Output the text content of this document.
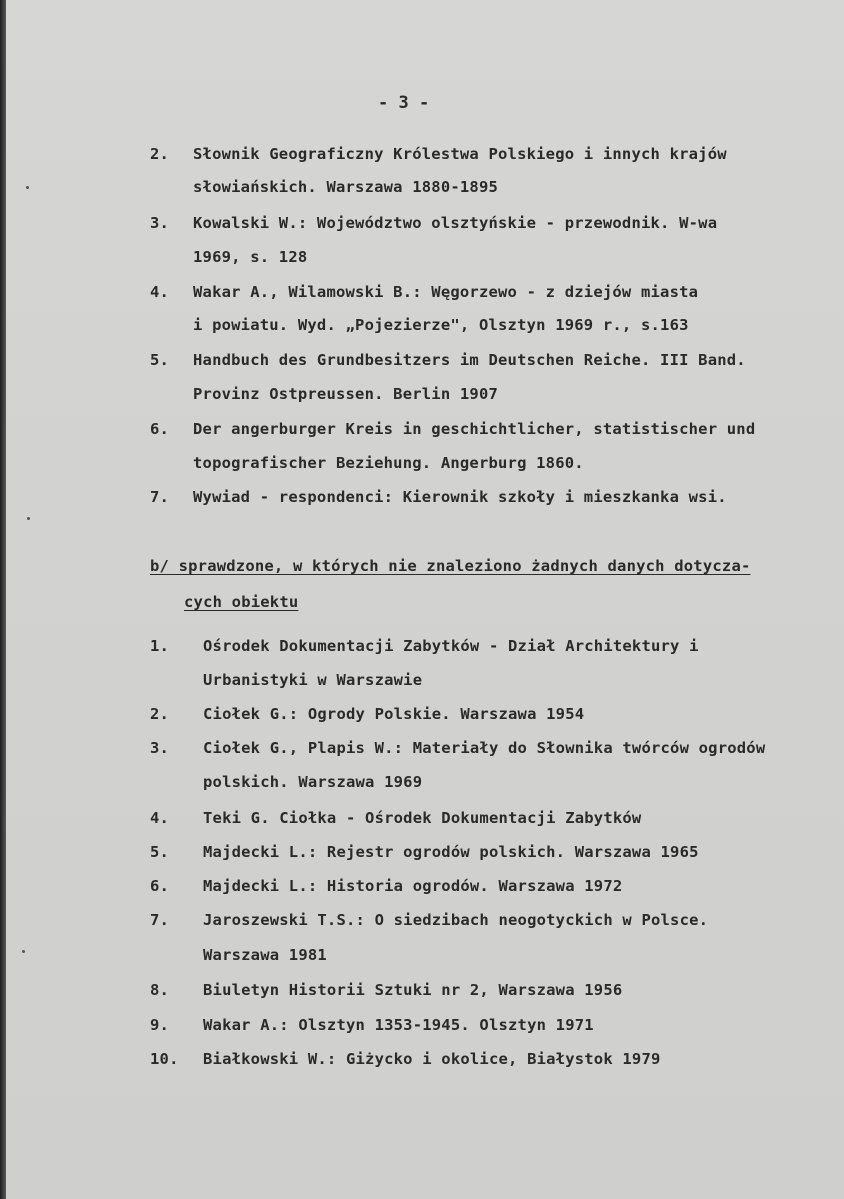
- 3 -
2. Słownik Geograficzny Królestwa Polskiego i innych krajów
słowiańskich. Warszawa 1880-1895
3. Kowalski W.: Województwo olsztyńskie - przewodnik. W-wa
1969, s. 128
4. Wakar A., Wilamowski B.: Węgorzewo - z dziejów miasta
i powiatu. Wyd. „Pojezierze", Olsztyn 1969 r., s.163
5. Handbuch des Grundbesitzers im Deutschen Reiche. III Band.
Provinz Ostpreussen. Berlin 1907
6. Der angerburger Kreis in geschichtlicher, statistischer und
topografischer Beziehung. Angerburg 1860.
7. Wywiad - respondenci: Kierownik szkoły i mieszkanka wsi.
b/ sprawdzone, w których nie znaleziono żadnych danych dotycza-
cych obiektu
1. Ośrodek Dokumentacji Zabytków - Dział Architektury i
Urbanistyki w Warszawie
2. Ciołek G.: Ogrody Polskie. Warszawa 1954
3. Ciołek G., Plapis W.: Materiały do Słownika twórców ogrodów
polskich. Warszawa 1969
4. Teki G. Ciołka - Ośrodek Dokumentacji Zabytków
5. Majdecki L.: Rejestr ogrodów polskich. Warszawa 1965
6. Majdecki L.: Historia ogrodów. Warszawa 1972
7. Jaroszewski T.S.: O siedzibach neogotyckich w Polsce.
Warszawa 1981
8. Biuletyn Historii Sztuki nr 2, Warszawa 1956
9. Wakar A.: Olsztyn 1353-1945. Olsztyn 1971
10. Białkowski W.: Giżycko i okolice, Białystok 1979
